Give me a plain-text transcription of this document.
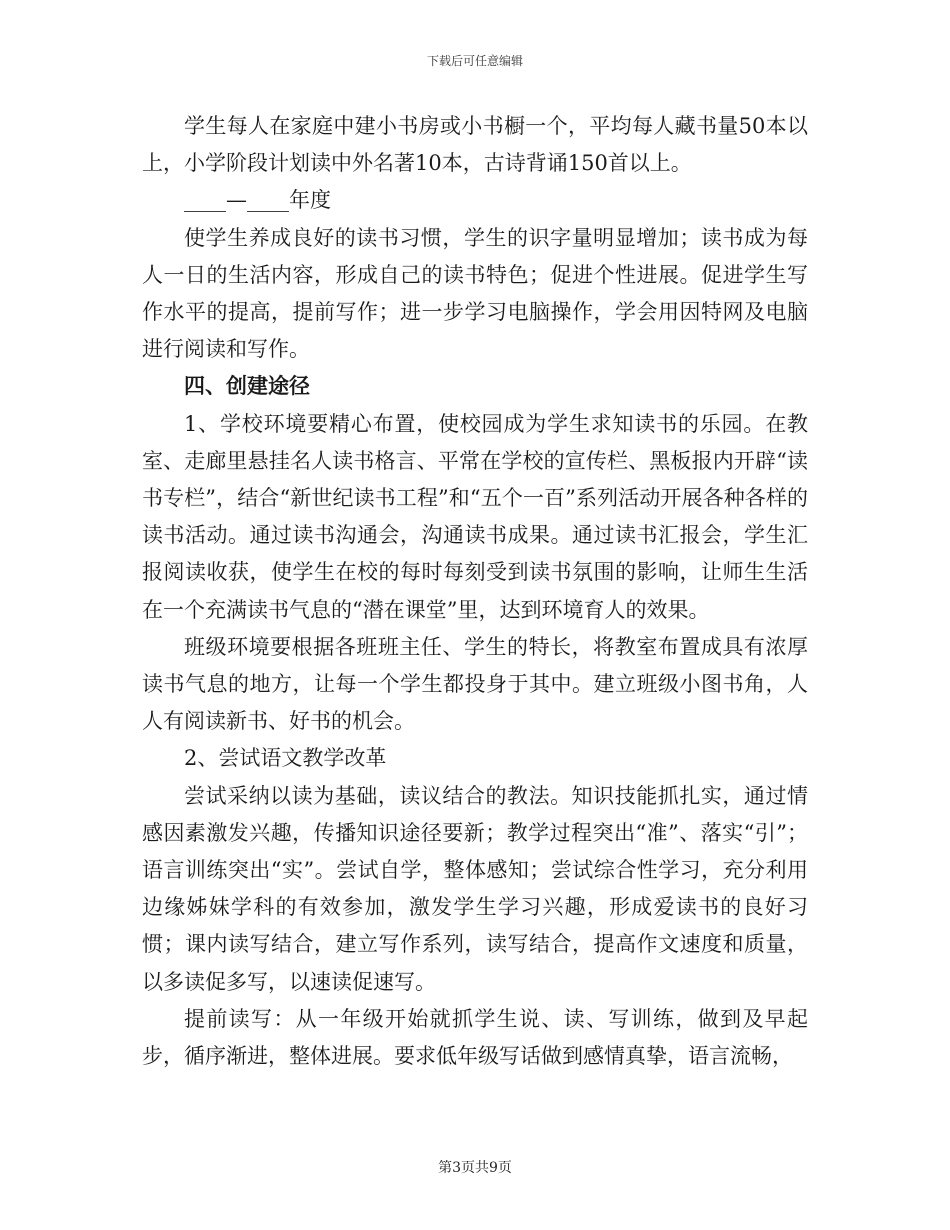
下载后可任意编辑

学生每人在家庭中建小书房或小书橱一个，平均每人藏书量50本以上，小学阶段计划读中外名著10本，古诗背诵150首以上。

____—____年度

使学生养成良好的读书习惯，学生的识字量明显增加；读书成为每人一日的生活内容，形成自己的读书特色；促进个性进展。促进学生写作水平的提高，提前写作；进一步学习电脑操作，学会用因特网及电脑进行阅读和写作。

四、创建途径

1、学校环境要精心布置，使校园成为学生求知读书的乐园。在教室、走廊里悬挂名人读书格言、平常在学校的宣传栏、黑板报内开辟“读书专栏”，结合“新世纪读书工程”和“五个一百”系列活动开展各种各样的读书活动。通过读书沟通会，沟通读书成果。通过读书汇报会，学生汇报阅读收获，使学生在校的每时每刻受到读书氛围的影响，让师生生活在一个充满读书气息的“潜在课堂”里，达到环境育人的效果。

班级环境要根据各班班主任、学生的特长，将教室布置成具有浓厚读书气息的地方，让每一个学生都投身于其中。建立班级小图书角，人人有阅读新书、好书的机会。

2、尝试语文教学改革

尝试采纳以读为基础，读议结合的教法。知识技能抓扎实，通过情感因素激发兴趣，传播知识途径要新；教学过程突出“准”、落实“引”；语言训练突出“实”。尝试自学，整体感知；尝试综合性学习，充分利用边缘姊妹学科的有效参加，激发学生学习兴趣，形成爱读书的良好习惯；课内读写结合，建立写作系列，读写结合，提高作文速度和质量，以多读促多写，以速读促速写。

提前读写：从一年级开始就抓学生说、读、写训练，做到及早起步，循序渐进，整体进展。要求低年级写话做到感情真挚，语言流畅，

第3页共9页
